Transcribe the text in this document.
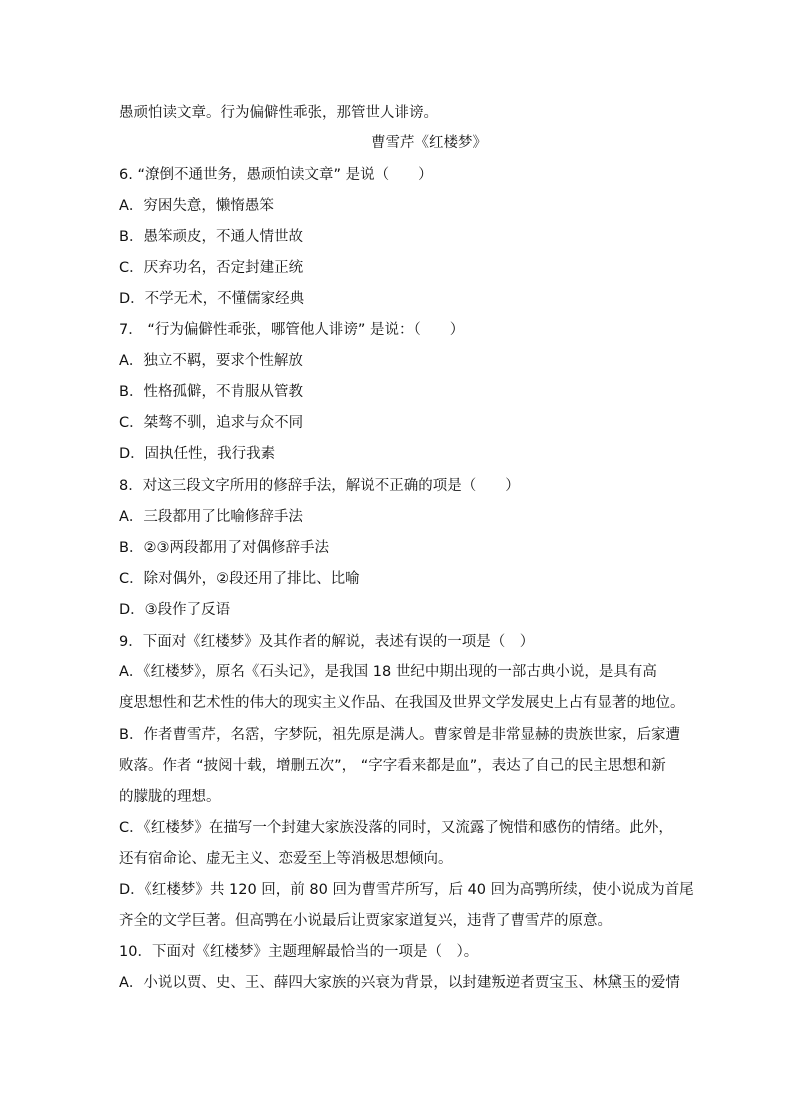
愚顽怕读文章。行为偏僻性乖张，那管世人诽谤。
曹雪芹《红楼梦》
6. “潦倒不通世务，愚顽怕读文章” 是说（　　）
A．穷困失意，懒惰愚笨
B．愚笨顽皮，不通人情世故
C．厌弃功名，否定封建正统
D．不学无术，不懂儒家经典
7． “行为偏僻性乖张，哪管他人诽谤” 是说：（　　）
A．独立不羁，要求个性解放
B．性格孤僻，不肯服从管教
C．桀骜不驯，追求与众不同
D．固执任性，我行我素
8．对这三段文字所用的修辞手法，解说不正确的项是（　　）
A．三段都用了比喻修辞手法
B．②③两段都用了对偶修辞手法
C．除对偶外，②段还用了排比、比喻
D．③段作了反语
9．下面对《红楼梦》及其作者的解说，表述有误的一项是（　）
A．《红楼梦》，原名《石头记》，是我国 18 世纪中期出现的一部古典小说，是具有高
度思想性和艺术性的伟大的现实主义作品、在我国及世界文学发展史上占有显著的地位。
B．作者曹雪芹，名霑，字梦阮，祖先原是满人。曹家曾是非常显赫的贵族世家，后家遭
败落。作者 “披阅十载，增删五次”， “字字看来都是血”，表达了自己的民主思想和新
的朦胧的理想。
C．《红楼梦》在描写一个封建大家族没落的同时，又流露了惋惜和感伤的情绪。此外，
还有宿命论、虚无主义、恋爱至上等消极思想倾向。
D．《红楼梦》共 120 回，前 80 回为曹雪芹所写，后 40 回为高鹗所续，使小说成为首尾
齐全的文学巨著。但高鹗在小说最后让贾家家道复兴，违背了曹雪芹的原意。
10．下面对《红楼梦》主题理解最恰当的一项是（　）。
A．小说以贾、史、王、薛四大家族的兴衰为背景，以封建叛逆者贾宝玉、林黛玉的爱情
